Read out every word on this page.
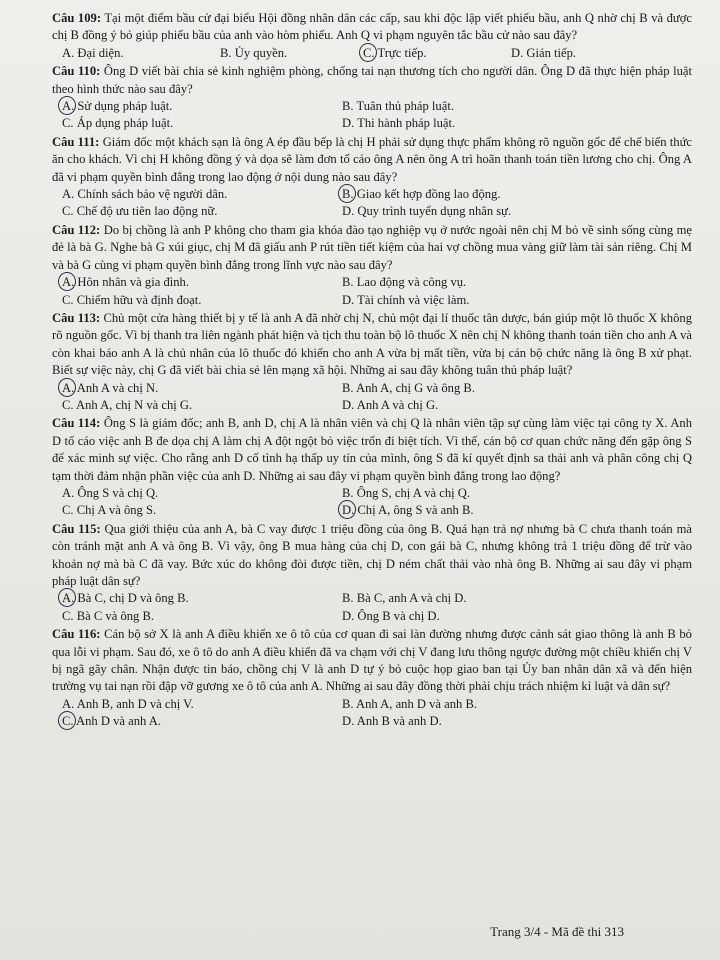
Câu 109: Tại một điểm bầu cử đại biểu Hội đồng nhân dân các cấp, sau khi độc lập viết phiếu bầu, anh Q nhờ chị B và được chị B đồng ý bỏ giúp phiếu bầu của anh vào hòm phiếu. Anh Q vi phạm nguyên tắc bầu cử nào sau đây?
A. Đại diện.	B. Ủy quyền.	C. Trực tiếp.	D. Gián tiếp.
Câu 110: Ông D viết bài chia sẻ kinh nghiệm phòng, chống tai nạn thương tích cho người dân. Ông D đã thực hiện pháp luật theo hình thức nào sau đây?
A. Sử dụng pháp luật.	B. Tuân thủ pháp luật.
C. Áp dụng pháp luật.	D. Thi hành pháp luật.
Câu 111: Giám đốc một khách sạn là ông A ép đầu bếp là chị H phải sử dụng thực phẩm không rõ nguồn gốc để chế biến thức ăn cho khách. Vì chị H không đồng ý và dọa sẽ làm đơn tố cáo ông A nên ông A trì hoãn thanh toán tiền lương cho chị. Ông A đã vi phạm quyền bình đẳng trong lao động ở nội dung nào sau đây?
A. Chính sách bảo vệ người dân.	B. Giao kết hợp đồng lao động.
C. Chế độ ưu tiên lao động nữ.	D. Quy trình tuyển dụng nhân sự.
Câu 112: Do bị chồng là anh P không cho tham gia khóa đào tạo nghiệp vụ ở nước ngoài nên chị M bỏ về sinh sống cùng mẹ đẻ là bà G. Nghe bà G xúi giục, chị M đã giấu anh P rút tiền tiết kiệm của hai vợ chồng mua vàng giữ làm tài sản riêng. Chị M và bà G cùng vi phạm quyền bình đẳng trong lĩnh vực nào sau đây?
A. Hôn nhân và gia đình.	B. Lao động và công vụ.
C. Chiếm hữu và định đoạt.	D. Tài chính và việc làm.
Câu 113: Chủ một cửa hàng thiết bị y tế là anh A đã nhờ chị N, chủ một đại lí thuốc tân dược, bán giúp một lô thuốc X không rõ nguồn gốc. Vì bị thanh tra liên ngành phát hiện và tịch thu toàn bộ lô thuốc X nên chị N không thanh toán tiền cho anh A và còn khai báo anh A là chủ nhân của lô thuốc đó khiến cho anh A vừa bị mất tiền, vừa bị cán bộ chức năng là ông B xử phạt. Biết sự việc này, chị G đã viết bài chia sẻ lên mạng xã hội. Những ai sau đây không tuân thủ pháp luật?
A. Anh A và chị N.	B. Anh A, chị G và ông B.
C. Anh A, chị N và chị G.	D. Anh A và chị G.
Câu 114: Ông S là giám đốc; anh B, anh D, chị A là nhân viên và chị Q là nhân viên tập sự cùng làm việc tại công ty X. Anh D tố cáo việc anh B đe dọa chị A làm chị A đột ngột bỏ việc trốn đi biệt tích. Vì thế, cán bộ cơ quan chức năng đến gặp ông S để xác minh sự việc. Cho rằng anh D cố tình hạ thấp uy tín của mình, ông S đã kí quyết định sa thải anh và phân công chị Q tạm thời đảm nhận phần việc của anh D. Những ai sau đây vi phạm quyền bình đẳng trong lao động?
A. Ông S và chị Q.	B. Ông S, chị A và chị Q.
C. Chị A và ông S.	D. Chị A, ông S và anh B.
Câu 115: Qua giới thiệu của anh A, bà C vay được 1 triệu đồng của ông B. Quá hạn trả nợ nhưng bà C chưa thanh toán mà còn tránh mặt anh A và ông B. Vì vậy, ông B mua hàng của chị D, con gái bà C, nhưng không trả 1 triệu đồng để trừ vào khoản nợ mà bà C đã vay. Bức xúc do không đòi được tiền, chị D ném chất thải vào nhà ông B. Những ai sau đây vi phạm pháp luật dân sự?
A. Bà C, chị D và ông B.	B. Bà C, anh A và chị D.
C. Bà C và ông B.	D. Ông B và chị D.
Câu 116: Cán bộ sở X là anh A điều khiển xe ô tô của cơ quan đi sai làn đường nhưng được cảnh sát giao thông là anh B bỏ qua lỗi vi phạm. Sau đó, xe ô tô do anh A điều khiển đã va chạm với chị V đang lưu thông ngược đường một chiều khiến chị V bị ngã gãy chân. Nhận được tin báo, chồng chị V là anh D tự ý bỏ cuộc họp giao ban tại Ủy ban nhân dân xã và đến hiện trường vụ tai nạn rồi đập vỡ gương xe ô tô của anh A. Những ai sau đây đồng thời phải chịu trách nhiệm kỉ luật và dân sự?
A. Anh B, anh D và chị V.	B. Anh A, anh D và anh B.
C. Anh D và anh A.	D. Anh B và anh D.
Trang 3/4 - Mã đề thi 313
